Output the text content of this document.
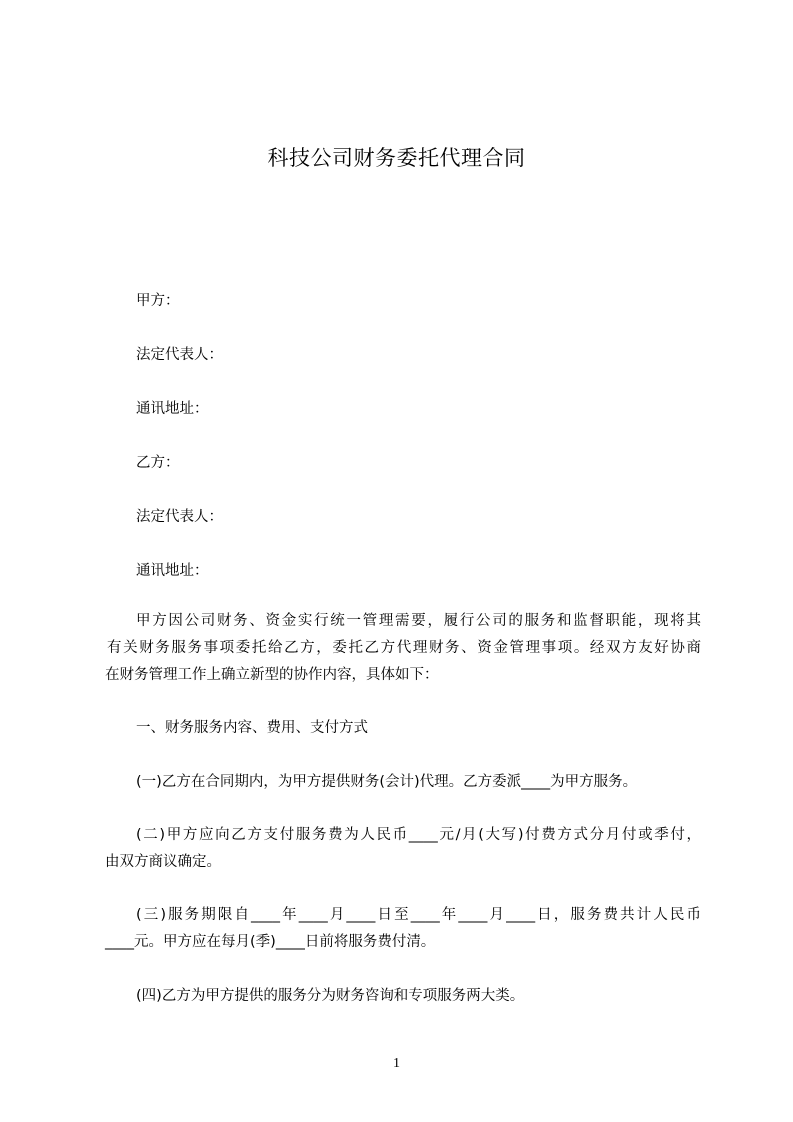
科技公司财务委托代理合同
甲方：
法定代表人：
通讯地址：
乙方：
法定代表人：
通讯地址：
甲方因公司财务、资金实行统一管理需要，履行公司的服务和监督职能，现将其
有关财务服务事项委托给乙方，委托乙方代理财务、资金管理事项。经双方友好协商
在财务管理工作上确立新型的协作内容，具体如下：
一、财务服务内容、费用、支付方式
(一)乙方在合同期内，为甲方提供财务(会计)代理。乙方委派____为甲方服务。
(二)甲方应向乙方支付服务费为人民币____元/月(大写)付费方式分月付或季付，
由双方商议确定。
(三)服务期限自____年____月____日至____年____月____日，服务费共计人民币
____元。甲方应在每月(季)____日前将服务费付清。
(四)乙方为甲方提供的服务分为财务咨询和专项服务两大类。
1
